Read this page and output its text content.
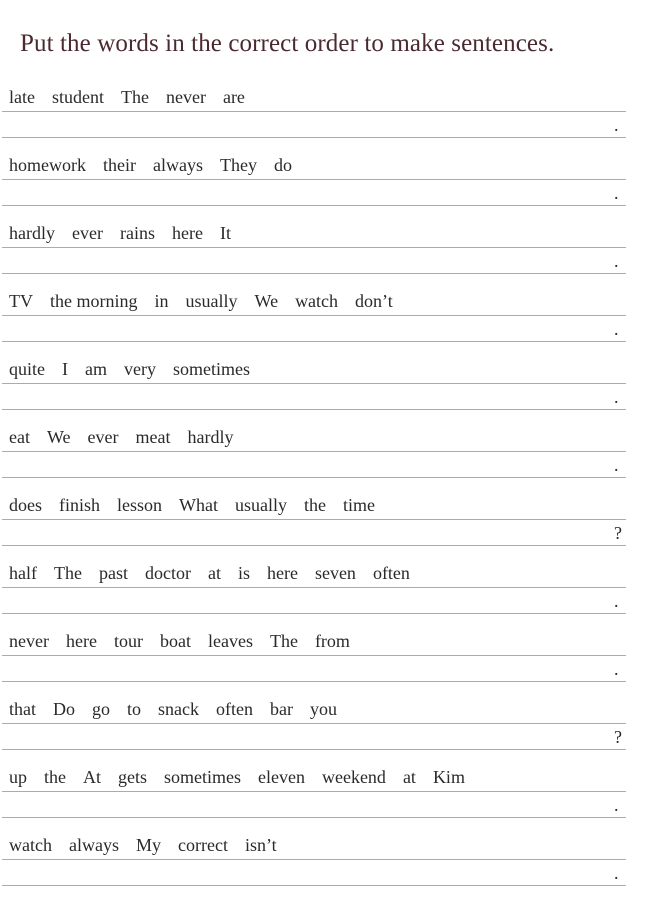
Put the words in the correct order to make sentences.
late student The never are
.
homework their always They do
.
hardly ever rains here It
.
TV the morning in usually We watch don’t
.
quite I am very sometimes
.
eat We ever meat hardly
.
does finish lesson What usually the time
?
half The past doctor at is here seven often
.
never here tour boat leaves The from
.
that Do go to snack often bar you
?
up the At gets sometimes eleven weekend at Kim
.
watch always My correct isn’t
.
